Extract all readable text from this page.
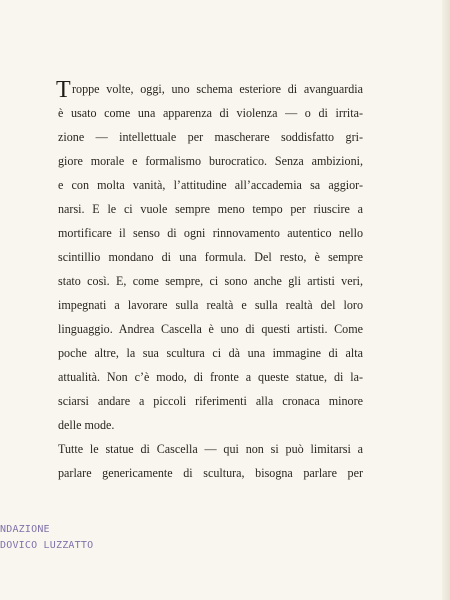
T roppe volte, oggi, uno schema esteriore di avanguardia
è usato come una apparenza di violenza — o di irrita-
zione — intellettuale per mascherare soddisfatto gri-
giore morale e formalismo burocratico. Senza ambizioni,
e con molta vanità, l’attitudine all’accademia sa aggior-
narsi. E le ci vuole sempre meno tempo per riuscire a
mortificare il senso di ogni rinnovamento autentico nello
scintillio mondano di una formula. Del resto, è sempre
stato così. E, come sempre, ci sono anche gli artisti veri,
impegnati a lavorare sulla realtà e sulla realtà del loro
linguaggio. Andrea Cascella è uno di questi artisti. Come
poche altre, la sua scultura ci dà una immagine di alta
attualità. Non c’è modo, di fronte a queste statue, di la-
sciarsi andare a piccoli riferimenti alla cronaca minore
delle mode.
Tutte le statue di Cascella — qui non si può limitarsi a
parlare genericamente di scultura, bisogna parlare per
NDAZIONE
DOVICO LUZZATTO
